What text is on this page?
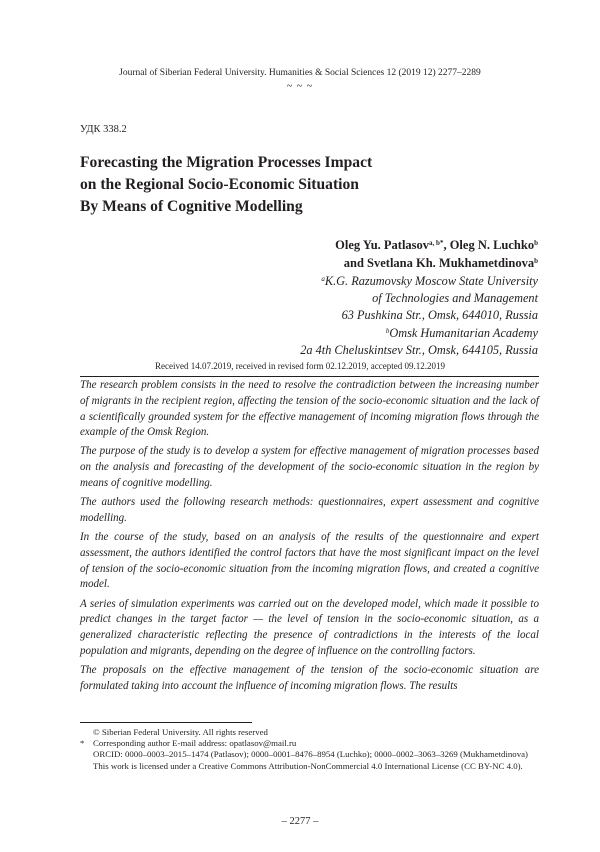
Journal of Siberian Federal University. Humanities & Social Sciences 12 (2019 12) 2277–2289
~ ~ ~
УДК 338.2
Forecasting the Migration Processes Impact
on the Regional Socio-Economic Situation
By Means of Cognitive Modelling
Oleg Yu. Patlasov$^{a, b*}$, Oleg N. Luchko$^b$
and Svetlana Kh. Mukhametdinova$^b$
$^a$K.G. Razumovsky Moscow State University
of Technologies and Management
63 Pushkina Str., Omsk, 644010, Russia
$^b$Omsk Humanitarian Academy
2a 4th Cheluskintsev Str., Omsk, 644105, Russia
Received 14.07.2019, received in revised form 02.12.2019, accepted 09.12.2019

The research problem consists in the need to resolve the contradiction between the increasing number of migrants in the recipient region, affecting the tension of the socio-economic situation and the lack of a scientifically grounded system for the effective management of incoming migration flows through the example of the Omsk Region.

The purpose of the study is to develop a system for effective management of migration processes based on the analysis and forecasting of the development of the socio-economic situation in the region by means of cognitive modelling.

The authors used the following research methods: questionnaires, expert assessment and cognitive modelling.

In the course of the study, based on an analysis of the results of the questionnaire and expert assessment, the authors identified the control factors that have the most significant impact on the level of tension of the socio-economic situation from the incoming migration flows, and created a cognitive model.

A series of simulation experiments was carried out on the developed model, which made it possible to predict changes in the target factor — the level of tension in the socio-economic situation, as a generalized characteristic reflecting the presence of contradictions in the interests of the local population and migrants, depending on the degree of influence on the controlling factors.

The proposals on the effective management of the tension of the socio-economic situation are formulated taking into account the influence of incoming migration flows. The results

© Siberian Federal University. All rights reserved
* Corresponding author E-mail address: opatlasov@mail.ru
ORCID: 0000–0003–2015–1474 (Patlasov); 0000–0001–8476–8954 (Luchko); 0000–0002–3063–3269 (Mukhametdinova)
This work is licensed under a Creative Commons Attribution-NonCommercial 4.0 International License (CC BY-NC 4.0).
– 2277 –
